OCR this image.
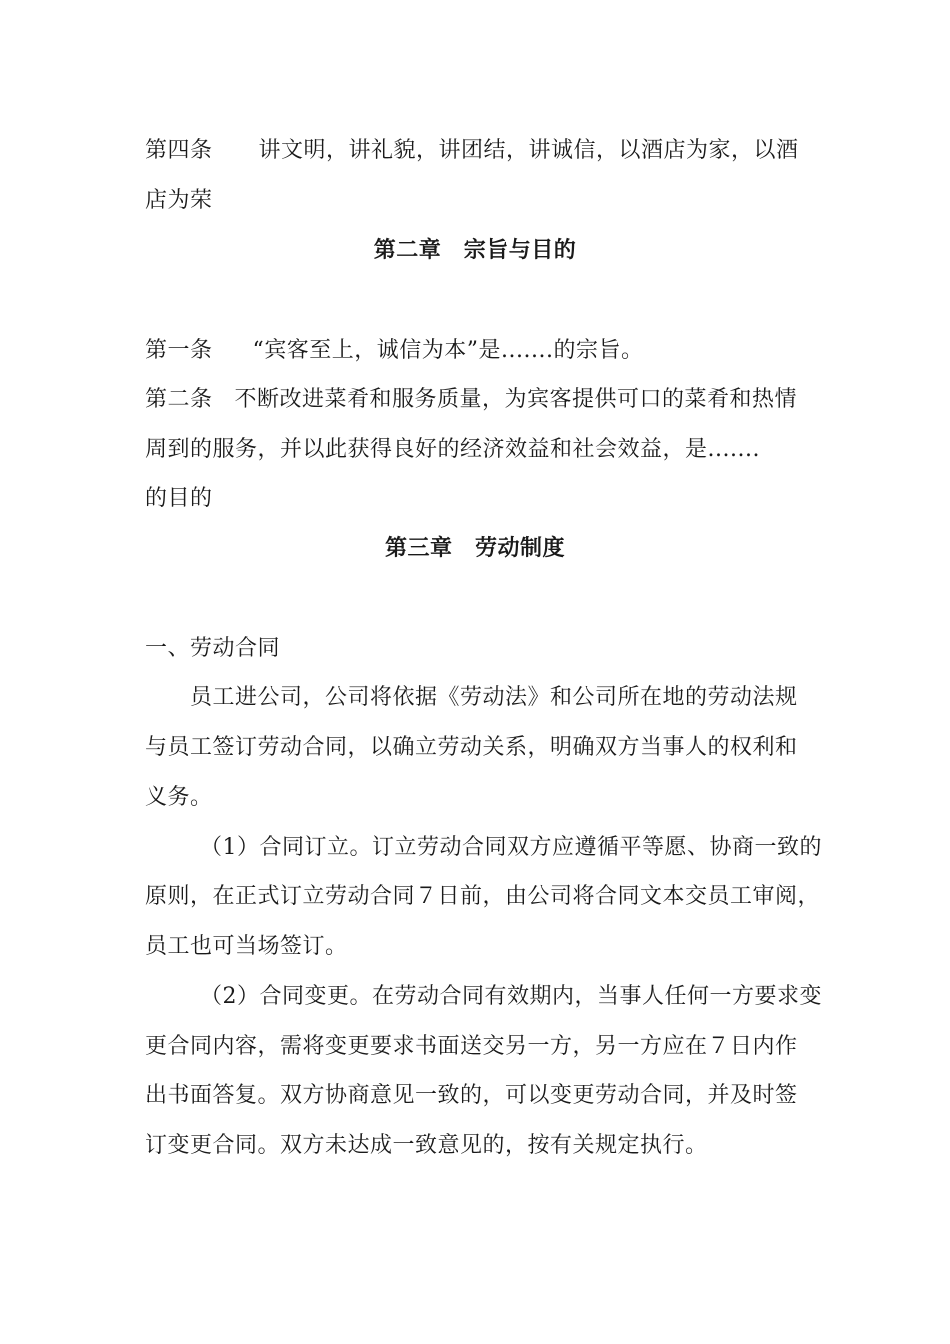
第四条 讲文明，讲礼貌，讲团结，讲诚信，以酒店为家，以酒
店为荣
第二章　宗旨与目的
第一条 “宾客至上，诚信为本”是.......的宗旨。
第二条 不断改进菜肴和服务质量，为宾客提供可口的菜肴和热情
周到的服务，并以此获得良好的经济效益和社会效益，是.......
的目的
第三章　劳动制度
一、劳动合同
员工进公司，公司将依据《劳动法》和公司所在地的劳动法规
与员工签订劳动合同，以确立劳动关系，明确双方当事人的权利和
义务。
（1）合同订立。订立劳动合同双方应遵循平等愿、协商一致的
原则，在正式订立劳动合同７日前，由公司将合同文本交员工审阅，
员工也可当场签订。
（2）合同变更。在劳动合同有效期内，当事人任何一方要求变
更合同内容，需将变更要求书面送交另一方，另一方应在７日内作
出书面答复。双方协商意见一致的，可以变更劳动合同，并及时签
订变更合同。双方未达成一致意见的，按有关规定执行。
